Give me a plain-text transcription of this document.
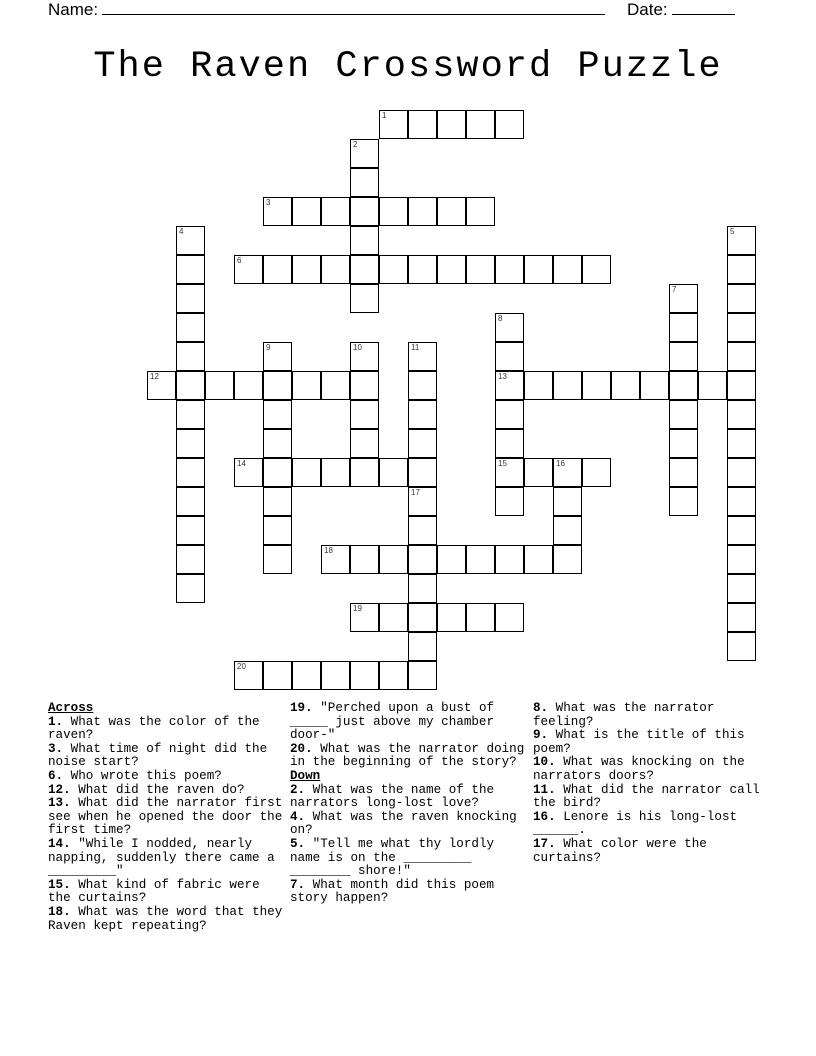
Name:	Date:
The Raven Crossword Puzzle
1
2
3
4	5
6
7
8
13
15
9	10	11
12
14	16
17
18
19
20
Across
1. What was the color of the raven?
3. What time of night did the noise start?
6. Who wrote this poem?
12. What did the raven do?
13. What did the narrator first see when he opened the door the first time?
14. "While I nodded, nearly napping, suddenly there came a _________"
15. What kind of fabric were the curtains?
18. What was the word that they Raven kept repeating?
19. "Perched upon a bust of _____ just above my chamber door-"
20. What was the narrator doing in the beginning of the story?
Down
2. What was the name of the narrators long-lost love?
4. What was the raven knocking on?
5. "Tell me what thy lordly name is on the _________ ________ shore!"
7. What month did this poem story happen?
8. What was the narrator feeling?
9. What is the title of this poem?
10. What was knocking on the narrators doors?
11. What did the narrator call the bird?
16. Lenore is his long-lost ______.
17. What color were the curtains?
